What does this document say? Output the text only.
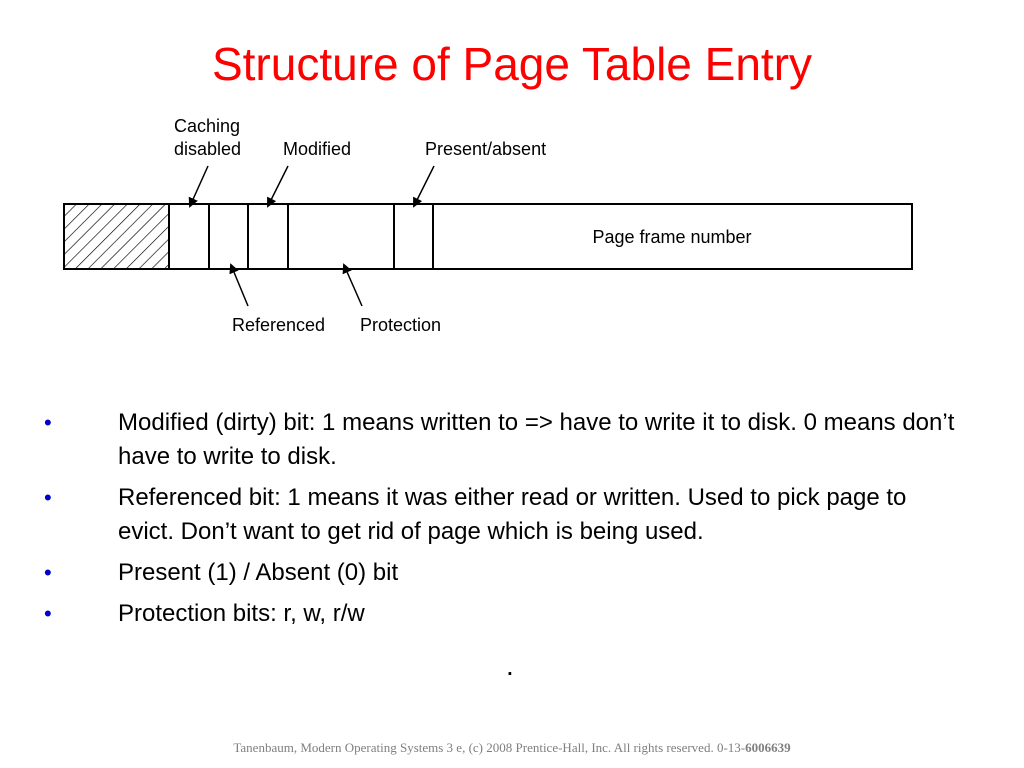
Structure of Page Table Entry
Caching
disabled Modified	Present/absent
Page frame number
Referenced Protection
•	Modified (dirty) bit: 1 means written to => have to write it to disk. 0 means don’t have to write to disk.
•	Referenced bit: 1 means it was either read or written. Used to pick page to evict. Don’t want to get rid of page which is being used.
•	Present (1) / Absent (0) bit
•	Protection bits: r, w, r/w
.
Tanenbaum, Modern Operating Systems 3 e, (c) 2008 Prentice-Hall, Inc. All rights reserved. 0-13-6006639
